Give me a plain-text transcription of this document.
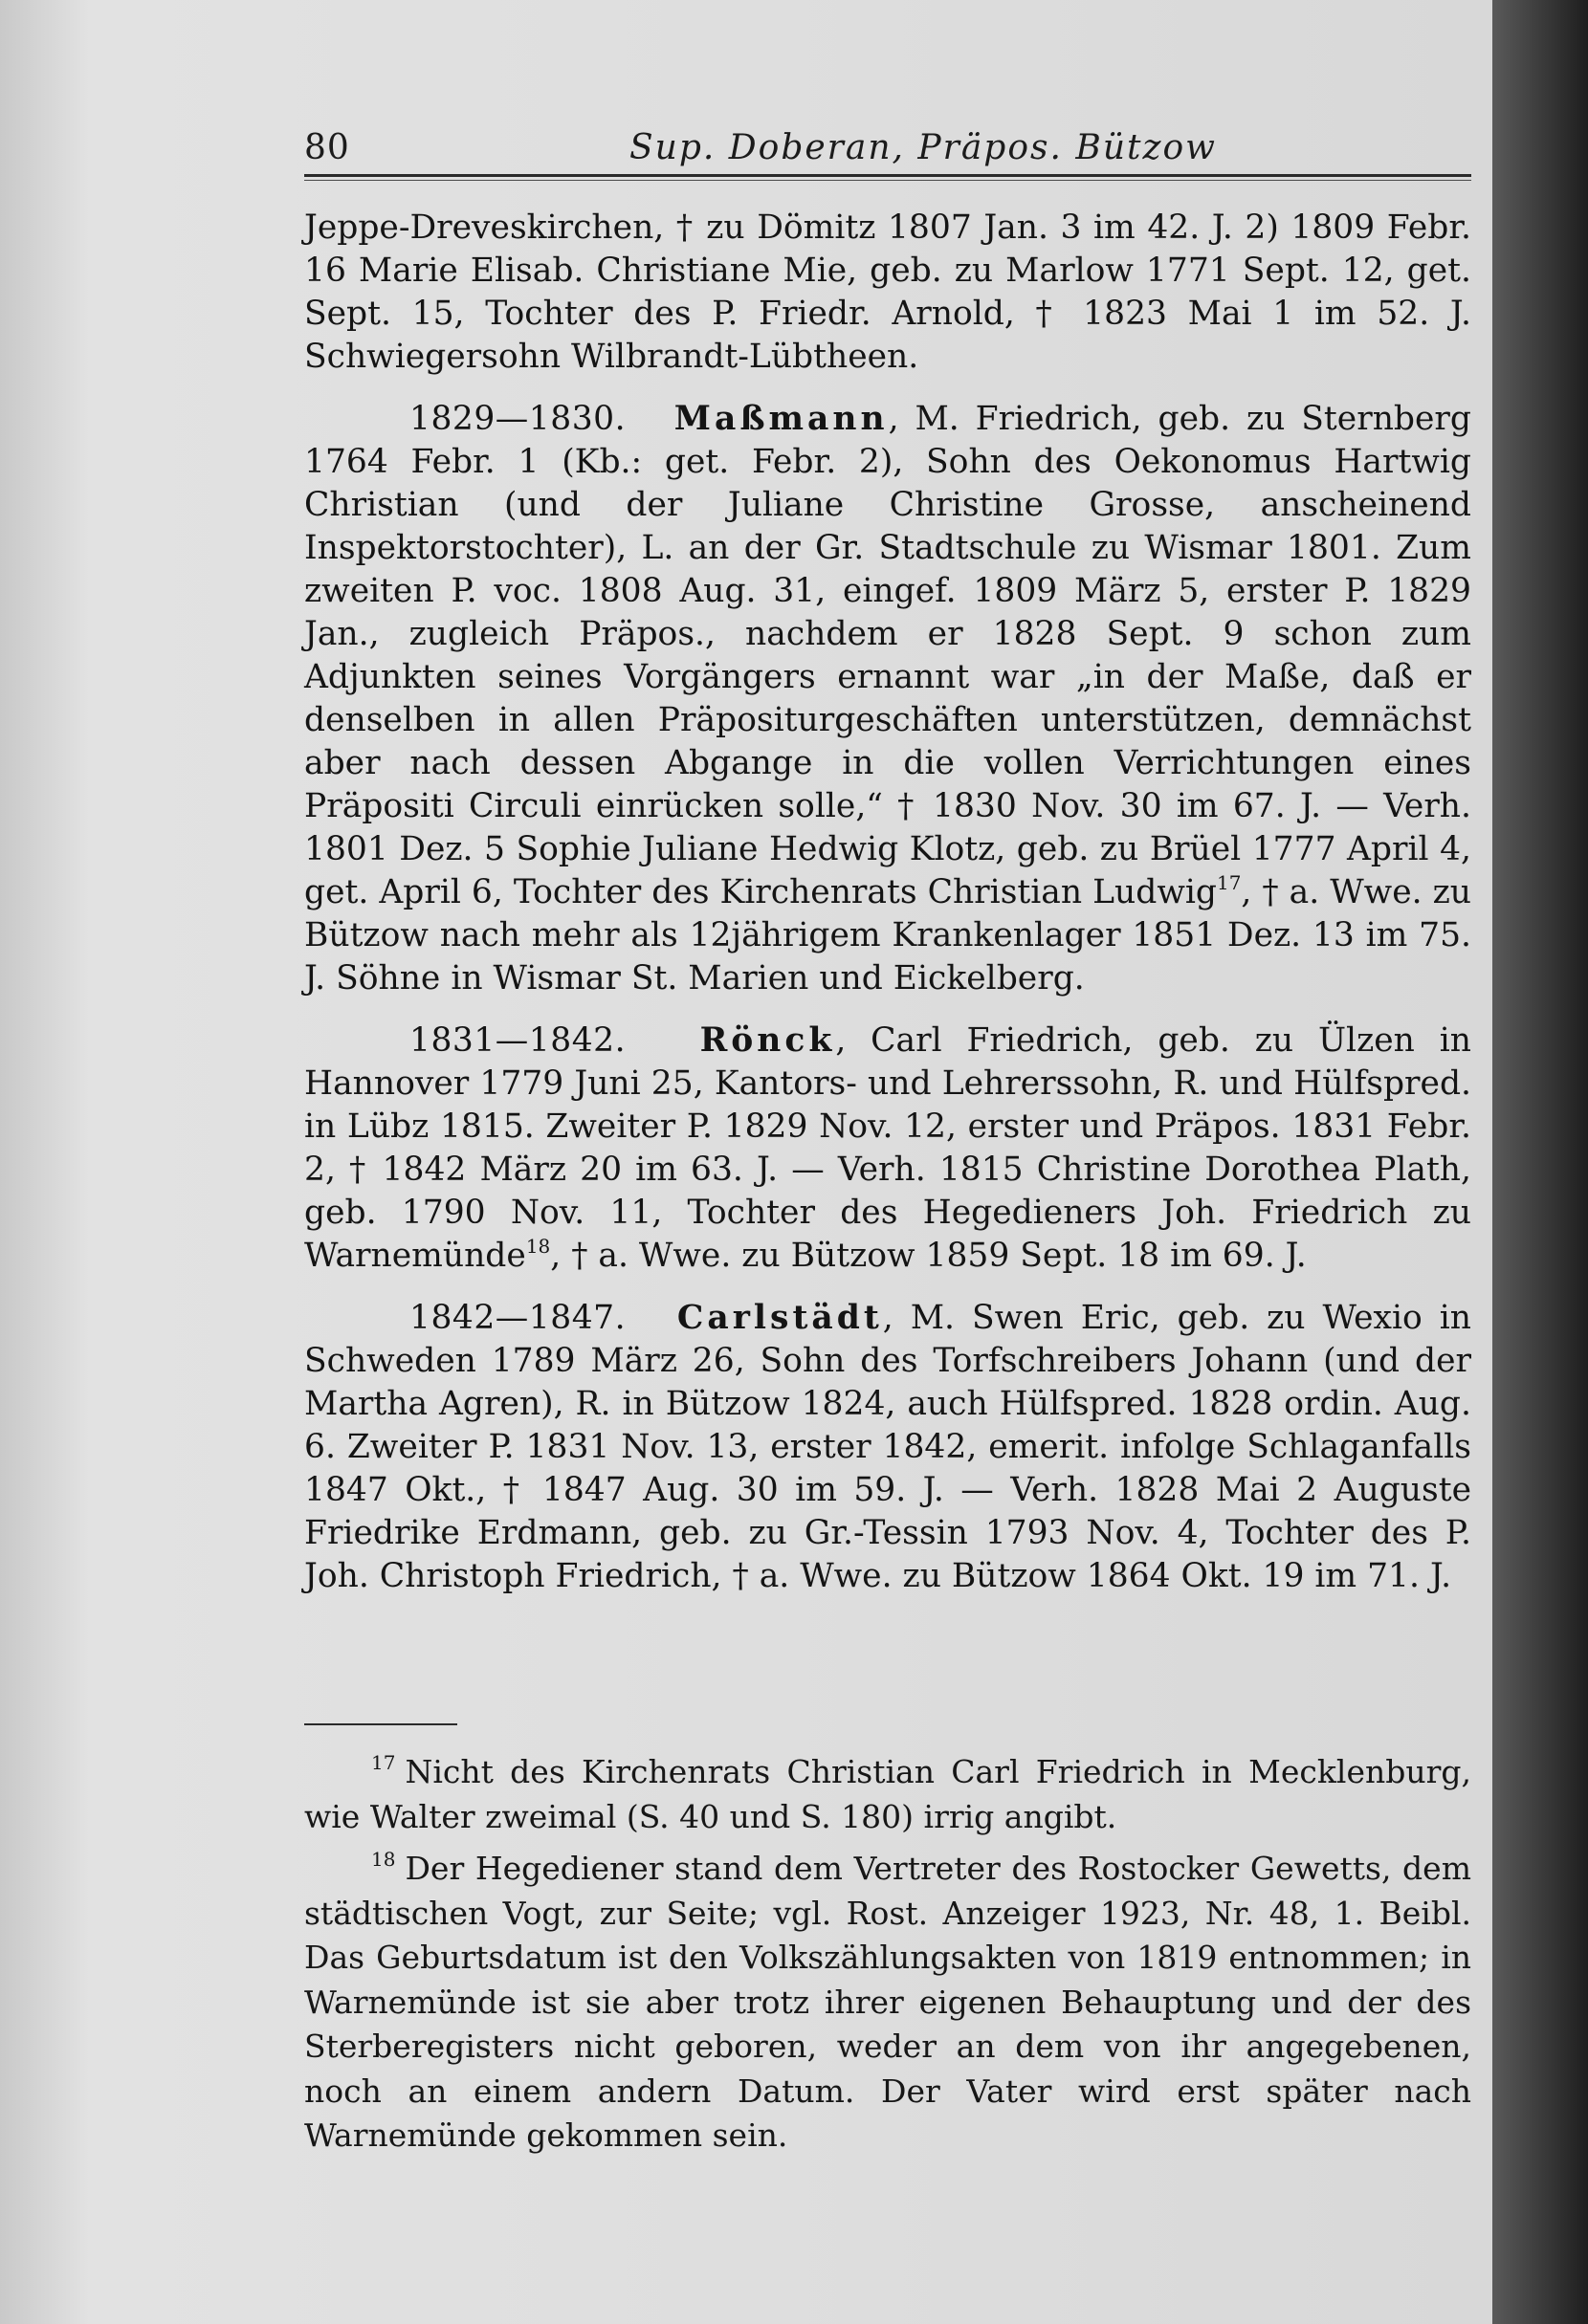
80	Sup. Doberan, Präpos. Bützow

Jeppe-Dreveskirchen, † zu Dömitz 1807 Jan. 3 im 42. J. 2) 1809 Febr. 16 Marie Elisab. Christiane Mie, geb. zu Marlow 1771 Sept. 12, get. Sept. 15, Tochter des P. Friedr. Arnold, † 1823 Mai 1 im 52. J. Schwiegersohn Wilbrandt-Lübtheen.

1829—1830. Maßmann, M. Friedrich, geb. zu Sternberg 1764 Febr. 1 (Kb.: get. Febr. 2), Sohn des Oekonomus Hartwig Christian (und der Juliane Christine Grosse, anscheinend Inspektorstochter), L. an der Gr. Stadtschule zu Wismar 1801. Zum zweiten P. voc. 1808 Aug. 31, eingef. 1809 März 5, erster P. 1829 Jan., zugleich Präpos., nachdem er 1828 Sept. 9 schon zum Adjunkten seines Vorgängers ernannt war „in der Maße, daß er denselben in allen Präpositurgeschäften unterstützen, demnächst aber nach dessen Abgange in die vollen Verrichtungen eines Präpositi Circuli einrücken solle,“ † 1830 Nov. 30 im 67. J. — Verh. 1801 Dez. 5 Sophie Juliane Hedwig Klotz, geb. zu Brüel 1777 April 4, get. April 6, Tochter des Kirchenrats Christian Ludwig$^{17}$, † a. Wwe. zu Bützow nach mehr als 12jährigem Krankenlager 1851 Dez. 13 im 75. J. Söhne in Wismar St. Marien und Eickelberg.

1831—1842. Rönck, Carl Friedrich, geb. zu Ülzen in Hannover 1779 Juni 25, Kantors- und Lehrerssohn, R. und Hülfspred. in Lübz 1815. Zweiter P. 1829 Nov. 12, erster und Präpos. 1831 Febr. 2, † 1842 März 20 im 63. J. — Verh. 1815 Christine Dorothea Plath, geb. 1790 Nov. 11, Tochter des Hegedieners Joh. Friedrich zu Warnemünde$^{18}$, † a. Wwe. zu Bützow 1859 Sept. 18 im 69. J.

1842—1847. Carlstädt, M. Swen Eric, geb. zu Wexio in Schweden 1789 März 26, Sohn des Torfschreibers Johann (und der Martha Agren), R. in Bützow 1824, auch Hülfspred. 1828 ordin. Aug. 6. Zweiter P. 1831 Nov. 13, erster 1842, emerit. infolge Schlaganfalls 1847 Okt., † 1847 Aug. 30 im 59. J. — Verh. 1828 Mai 2 Auguste Friedrike Erdmann, geb. zu Gr.-Tessin 1793 Nov. 4, Tochter des P. Joh. Christoph Friedrich, † a. Wwe. zu Bützow 1864 Okt. 19 im 71. J.

$^{17}$ Nicht des Kirchenrats Christian Carl Friedrich in Mecklenburg, wie Walter zweimal (S. 40 und S. 180) irrig angibt.

$^{18}$ Der Hegediener stand dem Vertreter des Rostocker Gewetts, dem städtischen Vogt, zur Seite; vgl. Rost. Anzeiger 1923, Nr. 48, 1. Beibl. Das Geburtsdatum ist den Volkszählungsakten von 1819 entnommen; in Warnemünde ist sie aber trotz ihrer eigenen Behauptung und der des Sterberegisters nicht geboren, weder an dem von ihr angegebenen, noch an einem andern Datum. Der Vater wird erst später nach Warnemünde gekommen sein.
